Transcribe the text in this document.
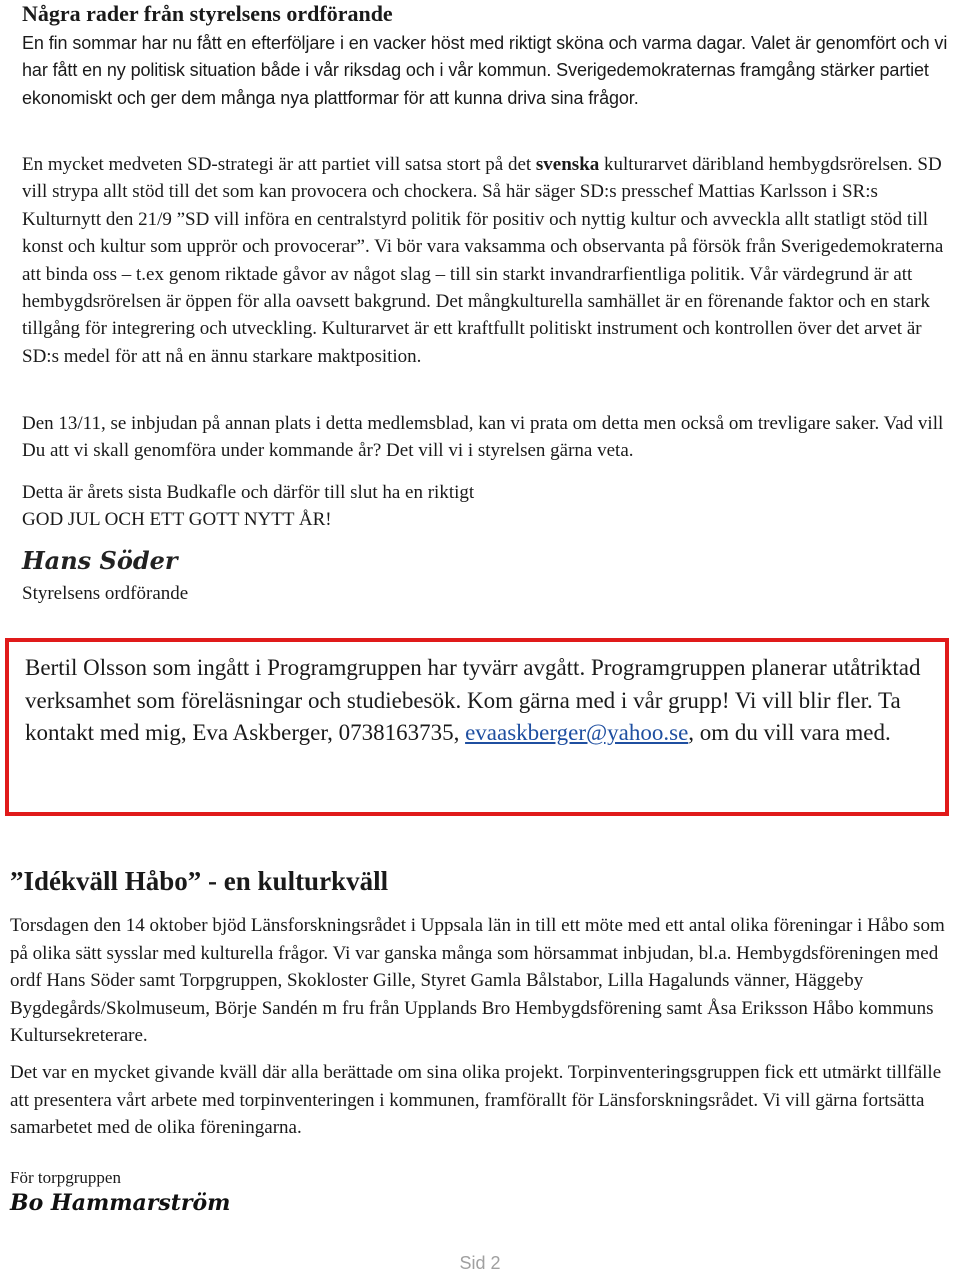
Några rader från styrelsens ordförande

En fin sommar har nu fått en efterföljare i en vacker höst med riktigt sköna och varma dagar. Valet är genomfört och vi har fått en ny politisk situation både i vår riksdag och i vår kommun. Sverigedemokraternas framgång stärker partiet ekonomiskt och ger dem många nya plattformar för att kunna driva sina frågor.

En mycket medveten SD-strategi är att partiet vill satsa stort på det svenska kulturarvet däribland hembygdsrörelsen. SD vill strypa allt stöd till det som kan provocera och chockera. Så här säger SD:s presschef Mattias Karlsson i SR:s Kulturnytt den 21/9 ”SD vill införa en centralstyrd politik för positiv och nyttig kultur och avveckla allt statligt stöd till konst och kultur som upprör och provocerar”. Vi bör vara vaksamma och observanta på försök från Sverigedemokraterna att binda oss – t.ex genom riktade gåvor av något slag – till sin starkt invandrarfientliga politik. Vår värdegrund är att hembygdsrörelsen är öppen för alla oavsett bakgrund. Det mångkulturella samhället är en förenande faktor och en stark tillgång för integrering och utveckling. Kulturarvet är ett kraftfullt politiskt instrument och kontrollen över det arvet är SD:s medel för att nå en ännu starkare maktposition.

Den 13/11, se inbjudan på annan plats i detta medlemsblad, kan vi prata om detta men också om trevligare saker. Vad vill Du att vi skall genomföra under kommande år? Det vill vi i styrelsen gärna veta.

Detta är årets sista Budkafle och därför till slut ha en riktigt
GOD JUL OCH ETT GOTT NYTT ÅR!

Hans Söder
Styrelsens ordförande

Bertil Olsson som ingått i Programgruppen har tyvärr avgått. Programgruppen planerar utåtriktad verksamhet som föreläsningar och studiebesök. Kom gärna med i vår grupp! Vi vill blir fler. Ta kontakt med mig, Eva Askberger, 0738163735, evaaskberger@yahoo.se, om du vill vara med.

”Idékväll Håbo” - en kulturkväll

Torsdagen den 14 oktober bjöd Länsforskningsrådet i Uppsala län in till ett möte med ett antal olika föreningar i Håbo som på olika sätt sysslar med kulturella frågor. Vi var ganska många som hörsammat inbjudan, bl.a. Hembygdsföreningen med ordf Hans Söder samt Torpgruppen, Skokloster Gille, Styret Gamla Bålstabor, Lilla Hagalunds vänner, Häggeby Bygdegårds/Skolmuseum, Börje Sandén m fru från Upplands Bro Hembygdsförening samt Åsa Eriksson Håbo kommuns Kultursekreterare.

Det var en mycket givande kväll där alla berättade om sina olika projekt. Torpinventeringsgruppen fick ett utmärkt tillfälle att presentera vårt arbete med torpinventeringen i kommunen, framförallt för Länsforskningsrådet. Vi vill gärna fortsätta samarbetet med de olika föreningarna.

För torpgruppen
Bo Hammarström
Sid 2
